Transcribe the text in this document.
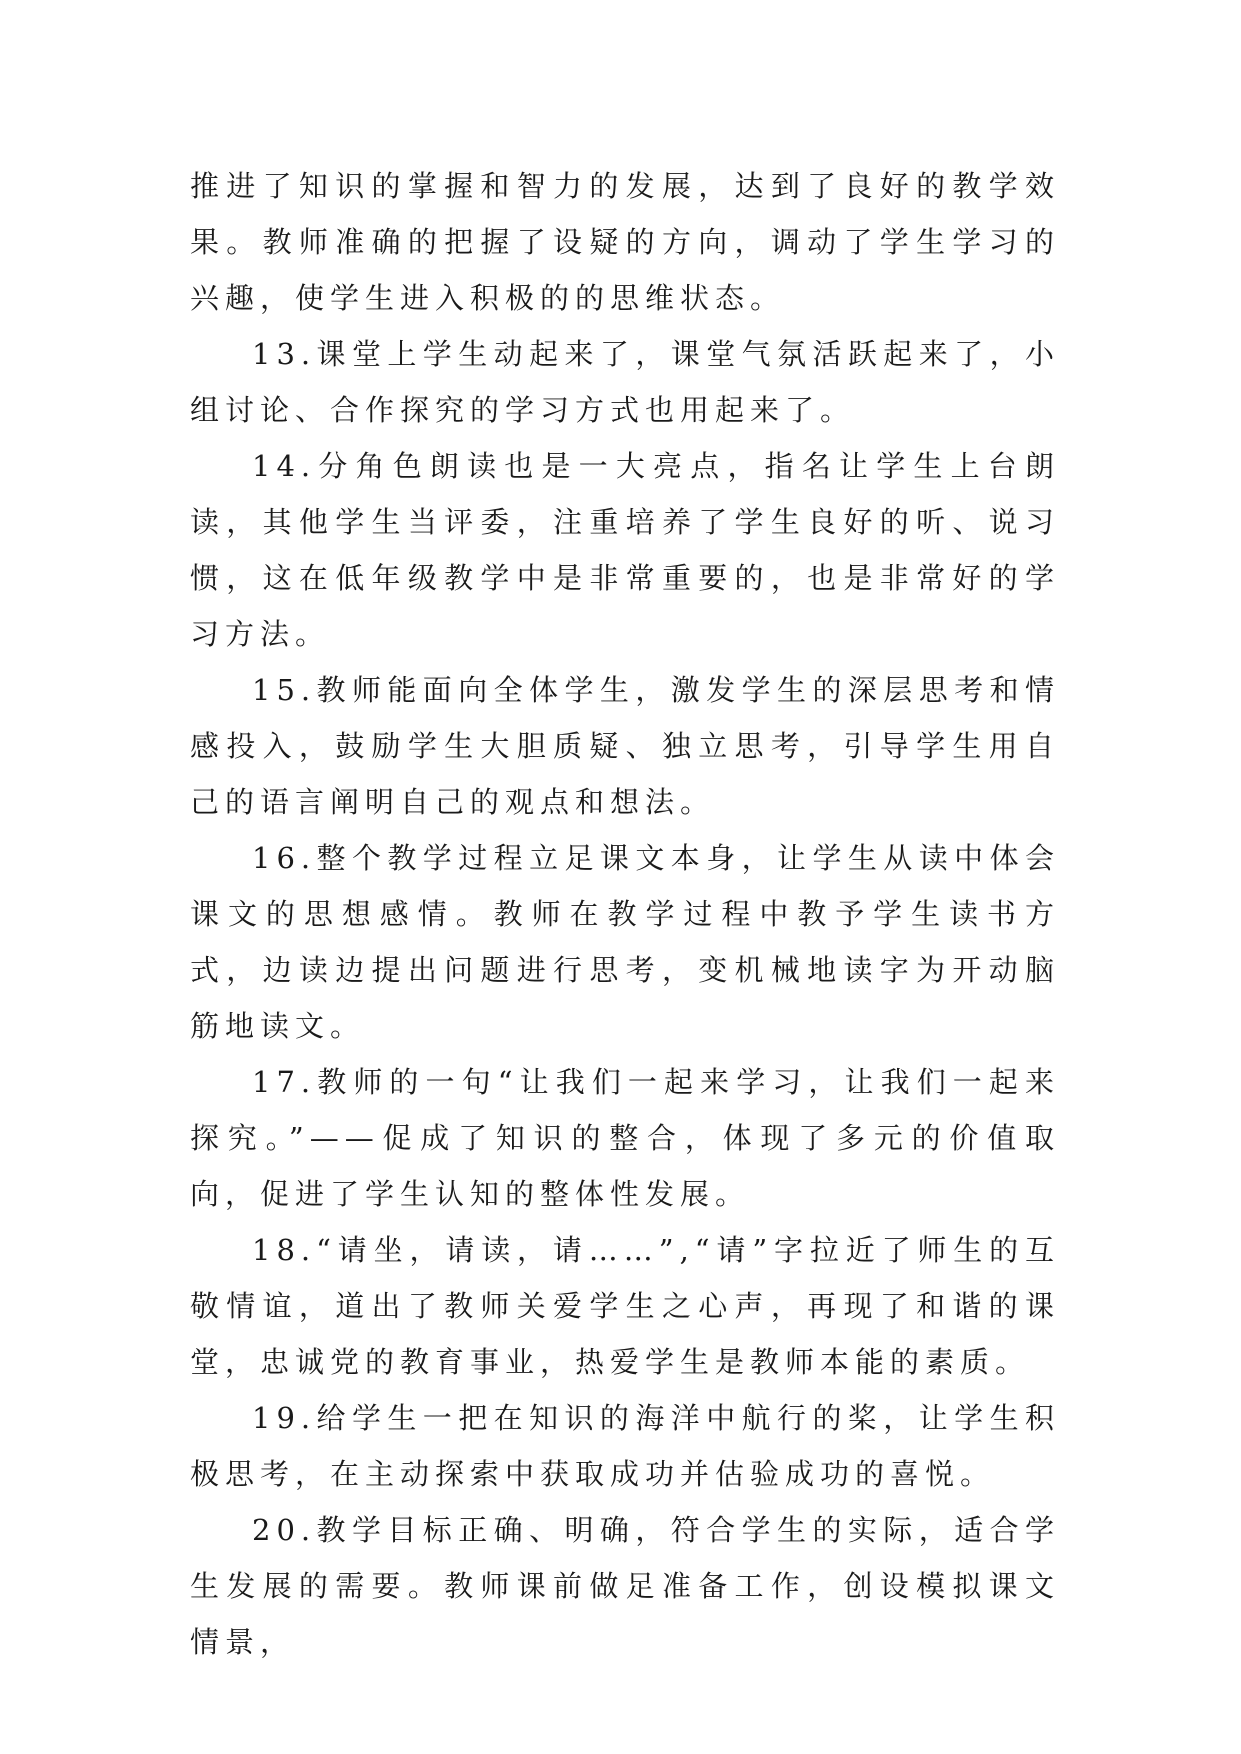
推进了知识的掌握和智力的发展，达到了良好的教学效果。教师准确的把握了设疑的方向，调动了学生学习的兴趣，使学生进入积极的的思维状态。

13.课堂上学生动起来了，课堂气氛活跃起来了，小组讨论、合作探究的学习方式也用起来了。

14.分角色朗读也是一大亮点，指名让学生上台朗读，其他学生当评委，注重培养了学生良好的听、说习惯，这在低年级教学中是非常重要的，也是非常好的学习方法。

15.教师能面向全体学生，激发学生的深层思考和情感投入，鼓励学生大胆质疑、独立思考，引导学生用自己的语言阐明自己的观点和想法。

16.整个教学过程立足课文本身，让学生从读中体会课文的思想感情。教师在教学过程中教予学生读书方式，边读边提出问题进行思考，变机械地读字为开动脑筋地读文。

17.教师的一句“让我们一起来学习，让我们一起来探究。”——促成了知识的整合，体现了多元的价值取向，促进了学生认知的整体性发展。

18.“请坐，请读，请……”,“请”字拉近了师生的互敬情谊，道出了教师关爱学生之心声，再现了和谐的课堂，忠诚党的教育事业，热爱学生是教师本能的素质。

19.给学生一把在知识的海洋中航行的桨，让学生积极思考，在主动探索中获取成功并估验成功的喜悦。

20.教学目标正确、明确，符合学生的实际，适合学生发展的需要。教师课前做足准备工作，创设模拟课文情景，
